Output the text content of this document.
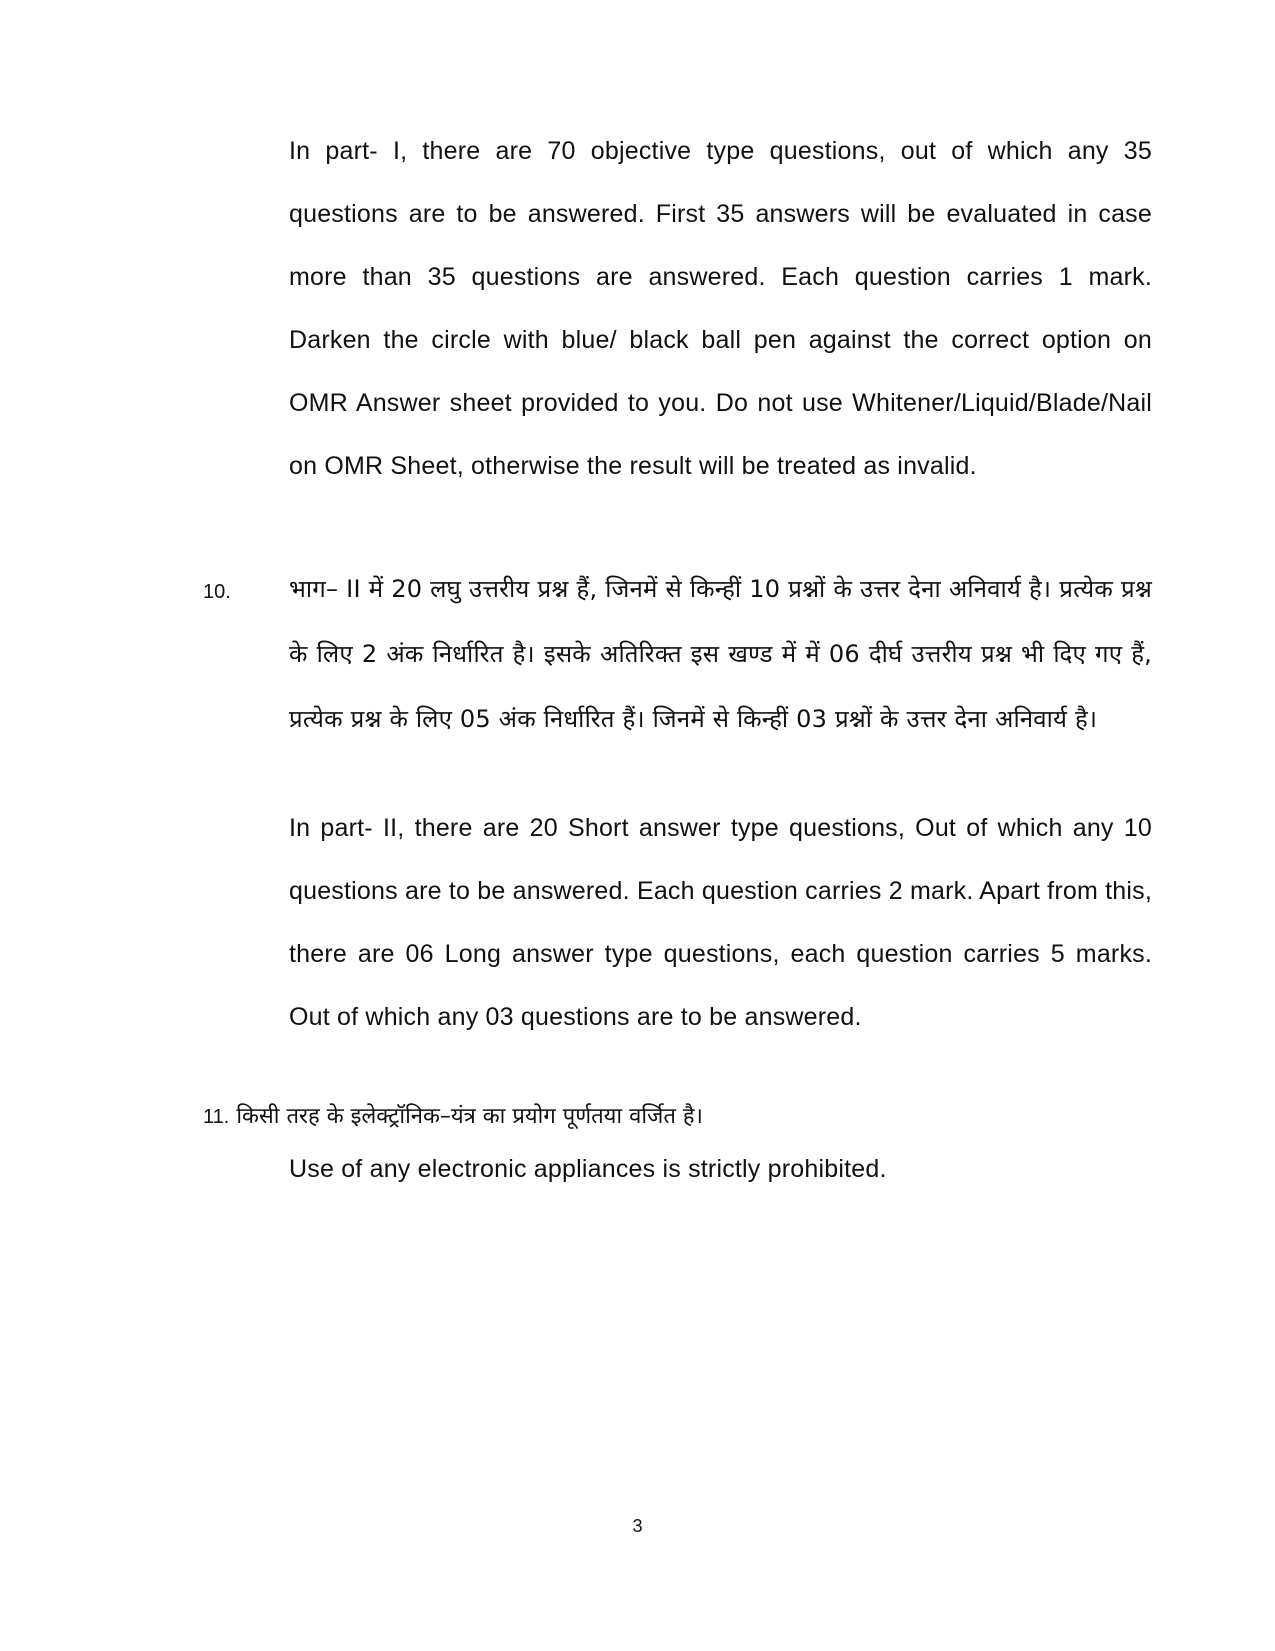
In part- I, there are 70 objective type questions, out of which any 35 questions are to be answered. First 35 answers will be evaluated in case more than 35 questions are answered. Each question carries 1 mark. Darken the circle with blue/ black ball pen against the correct option on OMR Answer sheet provided to you. Do not use Whitener/Liquid/Blade/Nail on OMR Sheet, otherwise the result will be treated as invalid.

10. भाग– II में 20 लघु उत्तरीय प्रश्न हैं, जिनमें से किन्हीं 10 प्रश्नों के उत्तर देना अनिवार्य है। प्रत्येक प्रश्न के लिए 2 अंक निर्धारित है। इसके अतिरिक्त इस खण्ड में में 06 दीर्घ उत्तरीय प्रश्न भी दिए गए हैं, प्रत्येक प्रश्न के लिए 05 अंक निर्धारित हैं। जिनमें से किन्हीं 03 प्रश्नों के उत्तर देना अनिवार्य है।

In part- II, there are 20 Short answer type questions, Out of which any 10 questions are to be answered. Each question carries 2 mark. Apart from this, there are 06 Long answer type questions, each question carries 5 marks. Out of which any 03 questions are to be answered.

11. किसी तरह के इलेक्ट्रॉनिक–यंत्र का प्रयोग पूर्णतया वर्जित है।

Use of any electronic appliances is strictly prohibited.

3
